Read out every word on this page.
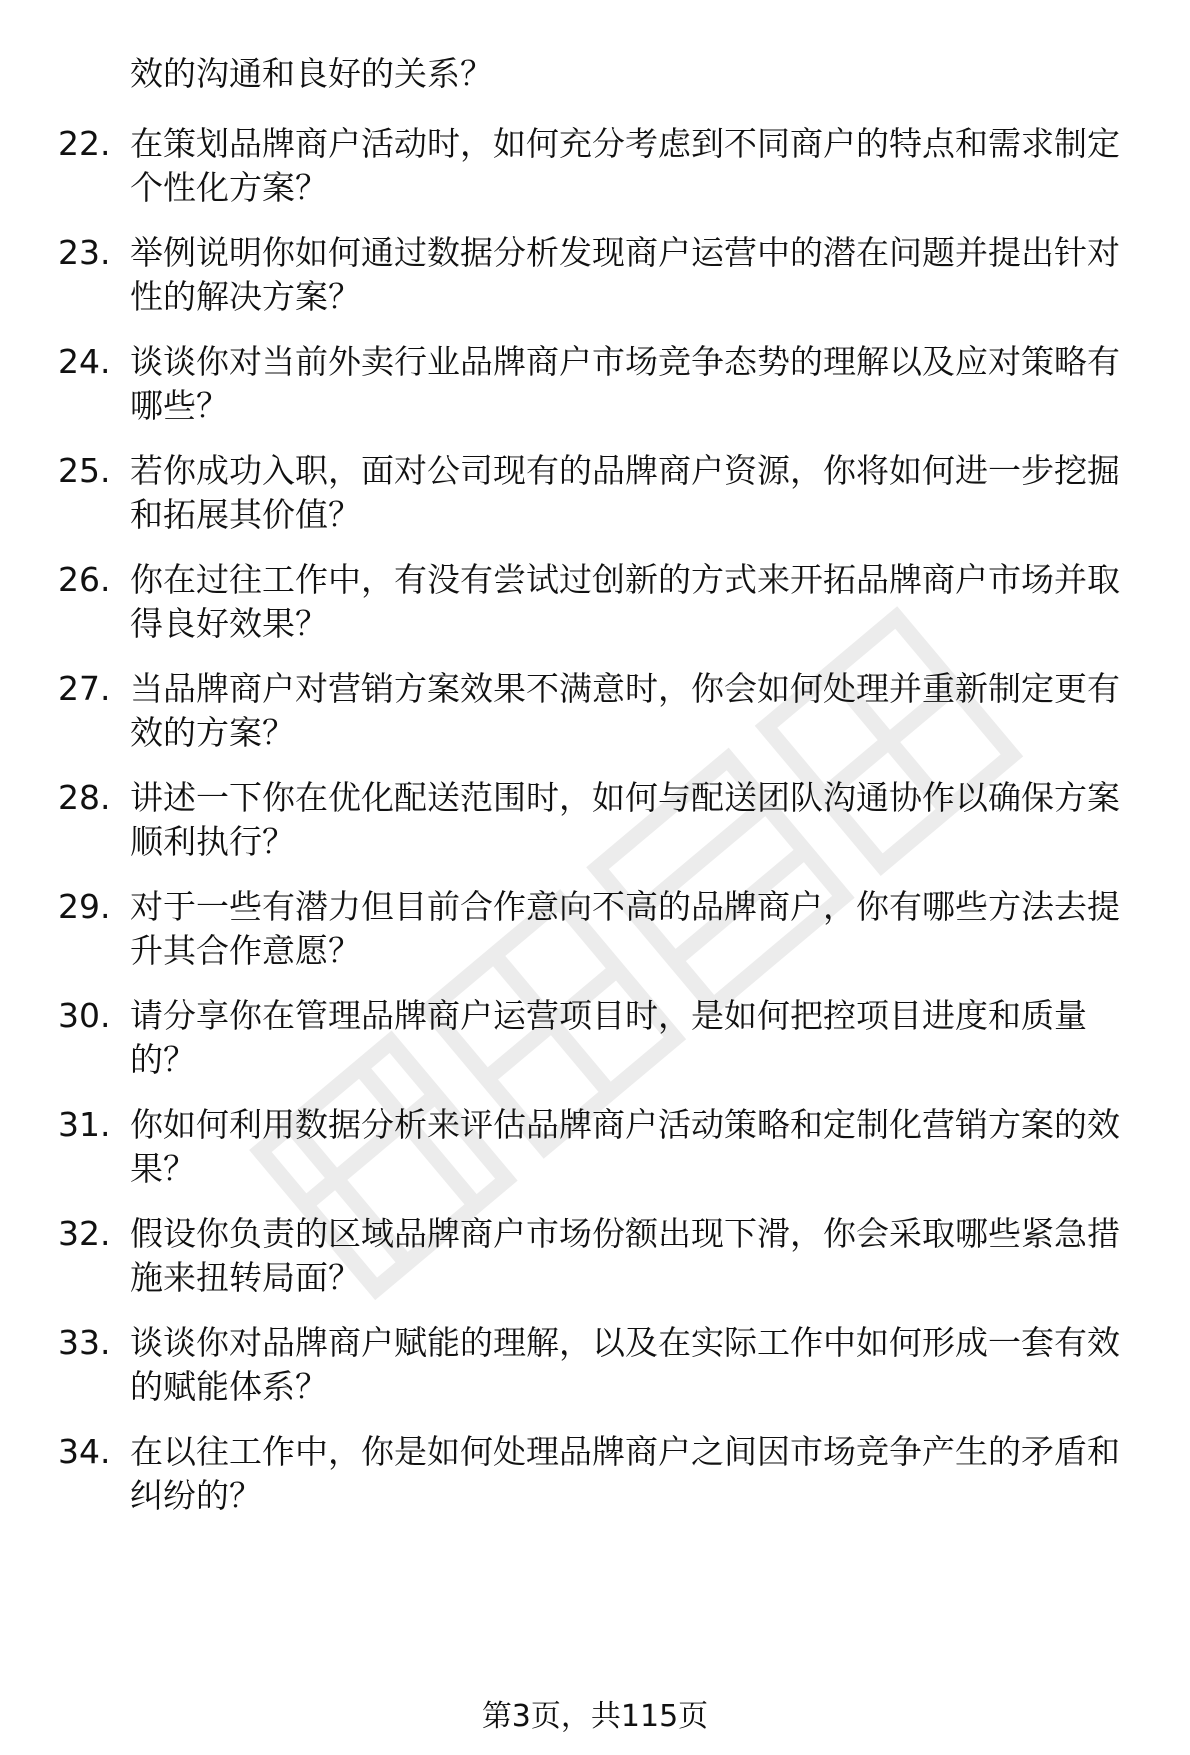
效的沟通和良好的关系？
22. 在策划品牌商户活动时，如何充分考虑到不同商户的特点和需求制定个性化方案？
23. 举例说明你如何通过数据分析发现商户运营中的潜在问题并提出针对性的解决方案？
24. 谈谈你对当前外卖行业品牌商户市场竞争态势的理解以及应对策略有哪些？
25. 若你成功入职，面对公司现有的品牌商户资源，你将如何进一步挖掘和拓展其价值？
26. 你在过往工作中，有没有尝试过创新的方式来开拓品牌商户市场并取得良好效果？
27. 当品牌商户对营销方案效果不满意时，你会如何处理并重新制定更有效的方案？
28. 讲述一下你在优化配送范围时，如何与配送团队沟通协作以确保方案顺利执行？
29. 对于一些有潜力但目前合作意向不高的品牌商户，你有哪些方法去提升其合作意愿？
30. 请分享你在管理品牌商户运营项目时，是如何把控项目进度和质量的？
31. 你如何利用数据分析来评估品牌商户活动策略和定制化营销方案的效果？
32. 假设你负责的区域品牌商户市场份额出现下滑，你会采取哪些紧急措施来扭转局面？
33. 谈谈你对品牌商户赋能的理解，以及在实际工作中如何形成一套有效的赋能体系？
34. 在以往工作中，你是如何处理品牌商户之间因市场竞争产生的矛盾和纠纷的？
第3页，共115页
